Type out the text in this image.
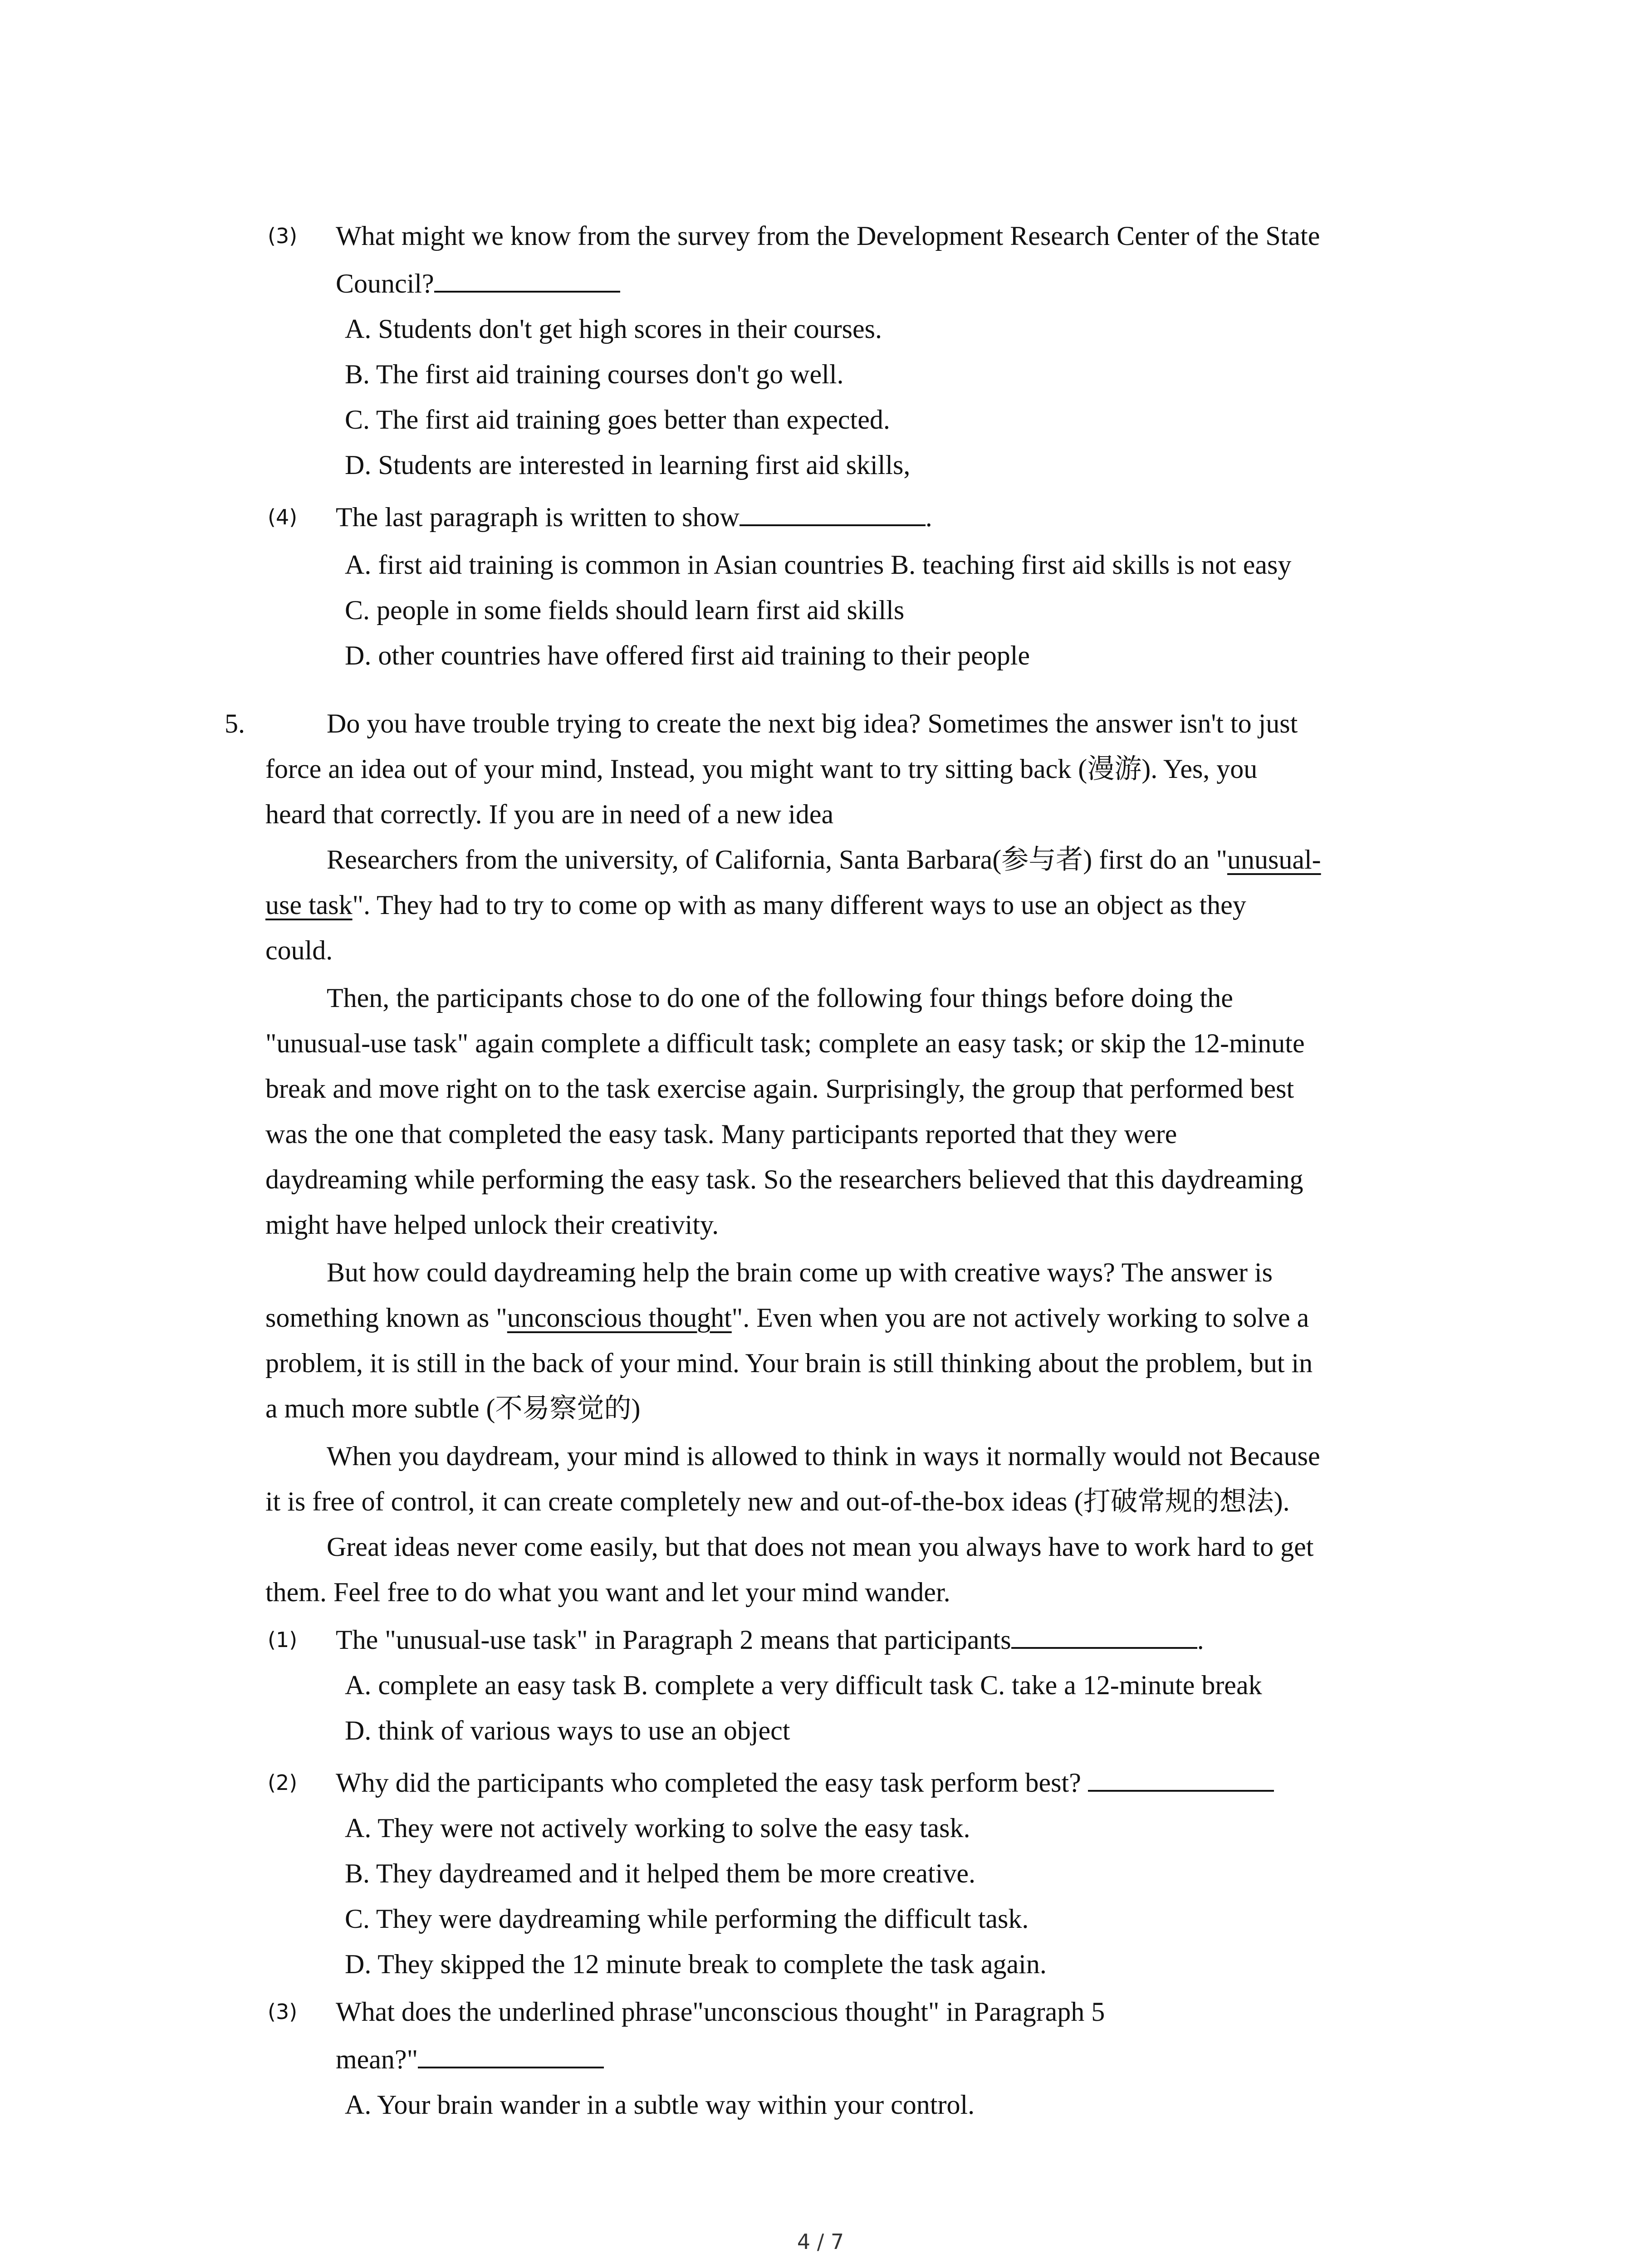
(3) What might we know from the survey from the Development Research Center of the State
Council?
A. Students don't get high scores in their courses.
B. The first aid training courses don't go well.
C. The first aid training goes better than expected.
D. Students are interested in learning first aid skills,
(4) The last paragraph is written to show	.
A. first aid training is common in Asian countries B. teaching first aid skills is not easy
C. people in some fields should learn first aid skills
D. other countries have offered first aid training to their people
5.	Do you have trouble trying to create the next big idea? Sometimes the answer isn't to just
force an idea out of your mind, Instead, you might want to try sitting back (漫游). Yes, you
heard that correctly. If you are in need of a new idea
Researchers from the university, of California, Santa Barbara(参与者) first do an "unusual-
use task". They had to try to come op with as many different ways to use an object as they
could.
Then, the participants chose to do one of the following four things before doing the
"unusual-use task" again complete a difficult task; complete an easy task; or skip the 12-minute
break and move right on to the task exercise again. Surprisingly, the group that performed best
was the one that completed the easy task. Many participants reported that they were
daydreaming while performing the easy task. So the researchers believed that this daydreaming
might have helped unlock their creativity.
But how could daydreaming help the brain come up with creative ways? The answer is
something known as "unconscious thought". Even when you are not actively working to solve a
problem, it is still in the back of your mind. Your brain is still thinking about the problem, but in
a much more subtle (不易察觉的)
When you daydream, your mind is allowed to think in ways it normally would not Because
it is free of control, it can create completely new and out-of-the-box ideas (打破常规的想法).
Great ideas never come easily, but that does not mean you always have to work hard to get
them. Feel free to do what you want and let your mind wander.
(1) The "unusual-use task" in Paragraph 2 means that participants	.
A. complete an easy task B. complete a very difficult task C. take a 12-minute break
D. think of various ways to use an object
(2) Why did the participants who completed the easy task perform best?
A. They were not actively working to solve the easy task.
B. They daydreamed and it helped them be more creative.
C. They were daydreaming while performing the difficult task.
D. They skipped the 12 minute break to complete the task again.
(3) What does the underlined phrase"unconscious thought" in Paragraph 5
mean?"
A. Your brain wander in a subtle way within your control.
4 / 7
